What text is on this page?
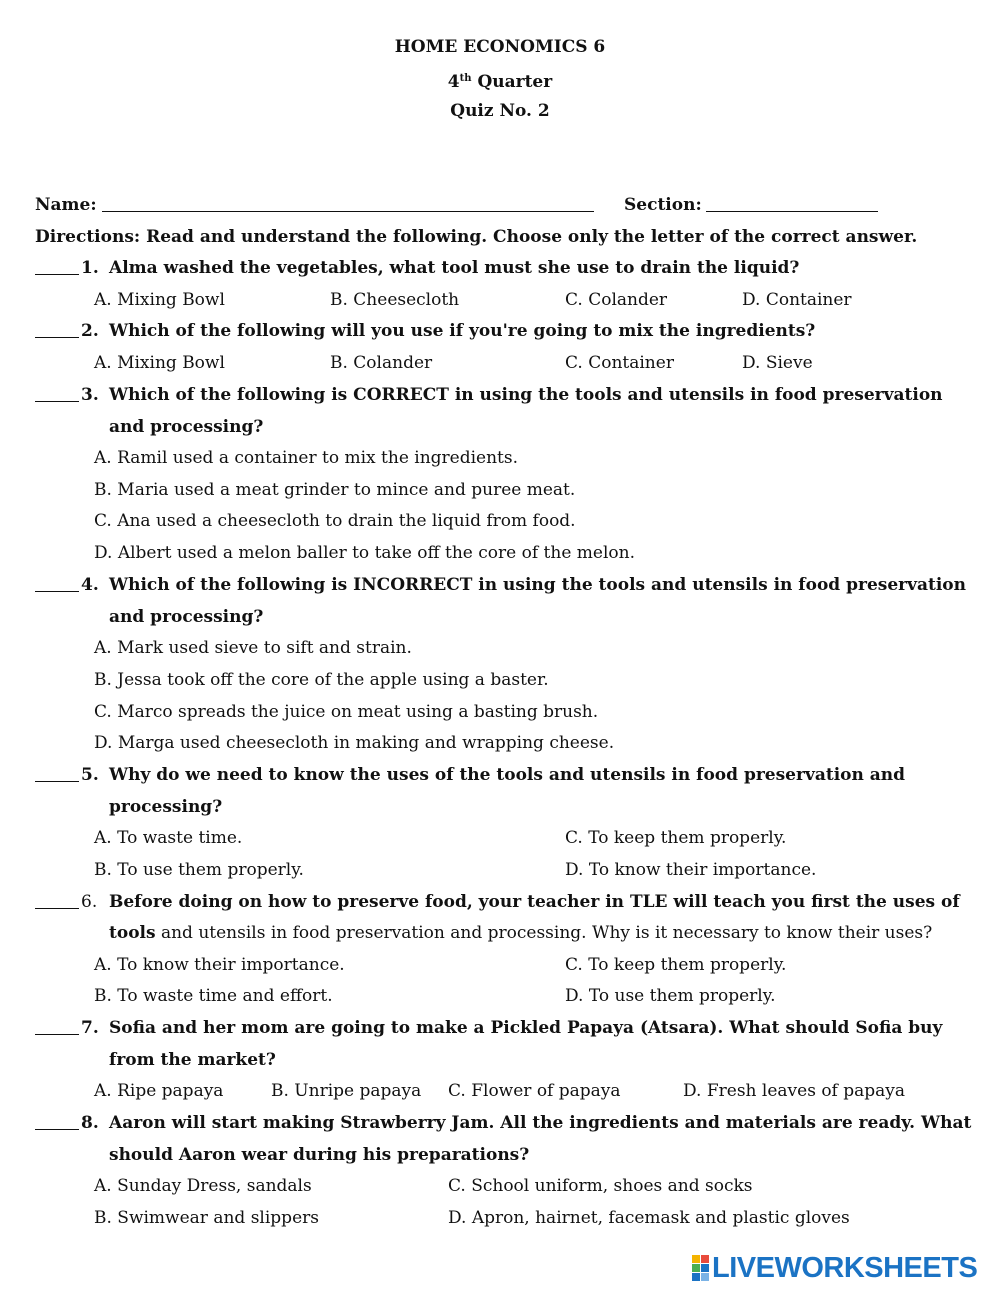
HOME ECONOMICS 6
4th Quarter
Quiz No. 2
Name:	Section:
Directions: Read and understand the following. Choose only the letter of the correct answer.
1. Alma washed the vegetables, what tool must she use to drain the liquid?
A. Mixing Bowl	B. Cheesecloth	C. Colander	D. Container
2. Which of the following will you use if you're going to mix the ingredients?
A. Mixing Bowl	B. Colander	C. Container	D. Sieve
3. Which of the following is CORRECT in using the tools and utensils in food preservation
and processing?
A. Ramil used a container to mix the ingredients.
B. Maria used a meat grinder to mince and puree meat.
C. Ana used a cheesecloth to drain the liquid from food.
D. Albert used a melon baller to take off the core of the melon.
4. Which of the following is INCORRECT in using the tools and utensils in food preservation
and processing?
A. Mark used sieve to sift and strain.
B. Jessa took off the core of the apple using a baster.
C. Marco spreads the juice on meat using a basting brush.
D. Marga used cheesecloth in making and wrapping cheese.
5. Why do we need to know the uses of the tools and utensils in food preservation and
processing?
A. To waste time.	C. To keep them properly.
B. To use them properly.	D. To know their importance.
6. Before doing on how to preserve food, your teacher in TLE will teach you first the uses of
tools and utensils in food preservation and processing. Why is it necessary to know their uses?
A. To know their importance.	C. To keep them properly.
B. To waste time and effort.	D. To use them properly.
7. Sofia and her mom are going to make a Pickled Papaya (Atsara). What should Sofia buy
from the market?
A. Ripe papaya	B. Unripe papaya C. Flower of papaya	D. Fresh leaves of papaya
8. Aaron will start making Strawberry Jam. All the ingredients and materials are ready. What
should Aaron wear during his preparations?
A. Sunday Dress, sandals	C. School uniform, shoes and socks
B. Swimwear and slippers	D. Apron, hairnet, facemask and plastic gloves
LIVEWORKSHEETS
